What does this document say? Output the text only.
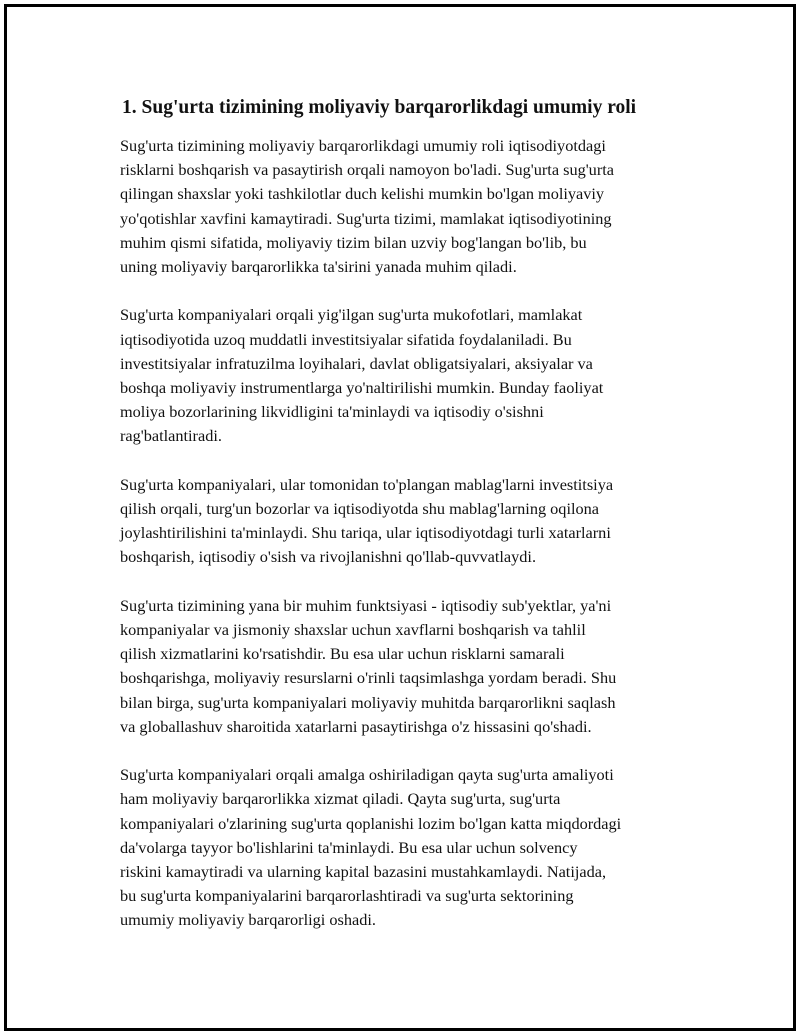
1. Sug'urta tizimining moliyaviy barqarorlikdagi umumiy roli

Sug'urta tizimining moliyaviy barqarorlikdagi umumiy roli iqtisodiyotdagi
risklarni boshqarish va pasaytirish orqali namoyon bo'ladi. Sug'urta sug'urta
qilingan shaxslar yoki tashkilotlar duch kelishi mumkin bo'lgan moliyaviy
yo'qotishlar xavfini kamaytiradi. Sug'urta tizimi, mamlakat iqtisodiyotining
muhim qismi sifatida, moliyaviy tizim bilan uzviy bog'langan bo'lib, bu
uning moliyaviy barqarorlikka ta'sirini yanada muhim qiladi.

Sug'urta kompaniyalari orqali yig'ilgan sug'urta mukofotlari, mamlakat
iqtisodiyotida uzoq muddatli investitsiyalar sifatida foydalaniladi. Bu
investitsiyalar infratuzilma loyihalari, davlat obligatsiyalari, aksiyalar va
boshqa moliyaviy instrumentlarga yo'naltirilishi mumkin. Bunday faoliyat
moliya bozorlarining likvidligini ta'minlaydi va iqtisodiy o'sishni
rag'batlantiradi.

Sug'urta kompaniyalari, ular tomonidan to'plangan mablag'larni investitsiya
qilish orqali, turg'un bozorlar va iqtisodiyotda shu mablag'larning oqilona
joylashtirilishini ta'minlaydi. Shu tariqa, ular iqtisodiyotdagi turli xatarlarni
boshqarish, iqtisodiy o'sish va rivojlanishni qo'llab-quvvatlaydi.

Sug'urta tizimining yana bir muhim funktsiyasi - iqtisodiy sub'yektlar, ya'ni
kompaniyalar va jismoniy shaxslar uchun xavflarni boshqarish va tahlil
qilish xizmatlarini ko'rsatishdir. Bu esa ular uchun risklarni samarali
boshqarishga, moliyaviy resurslarni o'rinli taqsimlashga yordam beradi. Shu
bilan birga, sug'urta kompaniyalari moliyaviy muhitda barqarorlikni saqlash
va globallashuv sharoitida xatarlarni pasaytirishga o'z hissasini qo'shadi.

Sug'urta kompaniyalari orqali amalga oshiriladigan qayta sug'urta amaliyoti
ham moliyaviy barqarorlikka xizmat qiladi. Qayta sug'urta, sug'urta
kompaniyalari o'zlarining sug'urta qoplanishi lozim bo'lgan katta miqdordagi
da'volarga tayyor bo'lishlarini ta'minlaydi. Bu esa ular uchun solvency
riskini kamaytiradi va ularning kapital bazasini mustahkamlaydi. Natijada,
bu sug'urta kompaniyalarini barqarorlashtiradi va sug'urta sektorining
umumiy moliyaviy barqarorligi oshadi.
